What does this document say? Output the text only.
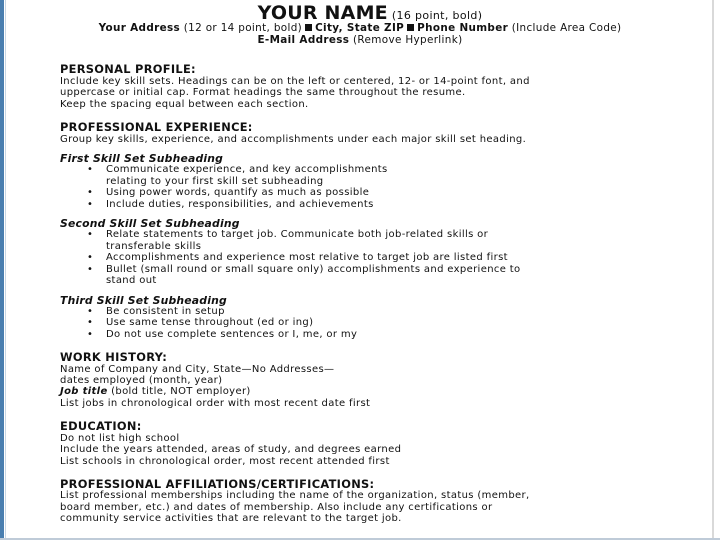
YOUR NAME (16 point, bold)
Your Address (12 or 14 point, bold) City, State ZIP Phone Number (Include Area Code)
E-Mail Address (Remove Hyperlink)
PERSONAL PROFILE:
Include key skill sets. Headings can be on the left or centered, 12- or 14-point font, and
uppercase or initial cap. Format headings the same throughout the resume.
Keep the spacing equal between each section.
PROFESSIONAL EXPERIENCE:
Group key skills, experience, and accomplishments under each major skill set heading.
First Skill Set Subheading
• Communicate experience, and key accomplishments
relating to your first skill set subheading
• Using power words, quantify as much as possible
• Include duties, responsibilities, and achievements
Second Skill Set Subheading
• Relate statements to target job. Communicate both job-related skills or
transferable skills
• Accomplishments and experience most relative to target job are listed first
• Bullet (small round or small square only) accomplishments and experience to
stand out
Third Skill Set Subheading
• Be consistent in setup
• Use same tense throughout (ed or ing)
• Do not use complete sentences or I, me, or my
WORK HISTORY:
Name of Company and City, State—No Addresses—
dates employed (month, year)
Job title (bold title, NOT employer)
List jobs in chronological order with most recent date first
EDUCATION:
Do not list high school
Include the years attended, areas of study, and degrees earned
List schools in chronological order, most recent attended first
PROFESSIONAL AFFILIATIONS/CERTIFICATIONS:
List professional memberships including the name of the organization, status (member,
board member, etc.) and dates of membership. Also include any certifications or
community service activities that are relevant to the target job.
